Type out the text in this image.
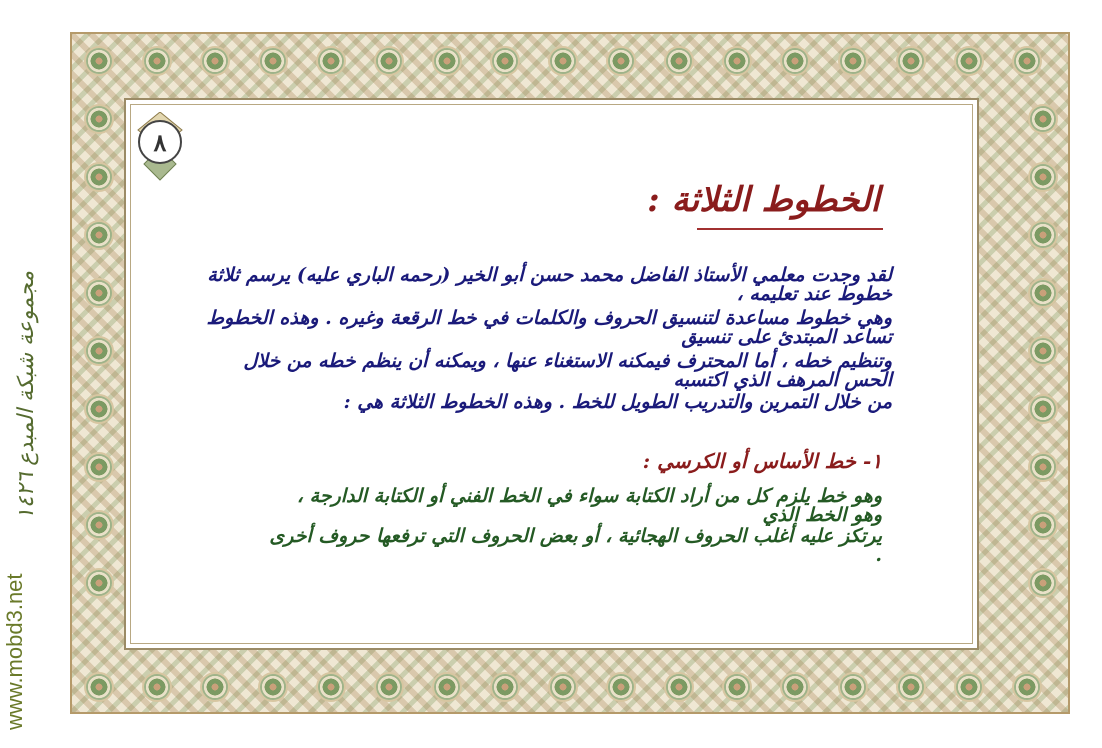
٨
الخطوط الثلاثة :
لقد وجدت معلمي الأستاذ الفاضل محمد حسن أبو الخير (رحمه الباري عليه) يرسم ثلاثة خطوط عند تعليمه ،
وهي خطوط مساعدة لتنسيق الحروف والكلمات في خط الرقعة وغيره . وهذه الخطوط تساعد المبتدئ على تنسيق
وتنظيم خطه ، أما المحترف فيمكنه الاستغناء عنها ، ويمكنه أن ينظم خطه من خلال الحس المرهف الذي اكتسبه
من خلال التمرين والتدريب الطويل للخط . وهذه الخطوط الثلاثة هي :
١- خط الأساس أو الكرسي :
وهو خط يلزم كل من أراد الكتابة سواء في الخط الفني أو الكتابة الدارجة ، وهو الخط الذي
يرتكز عليه أغلب الحروف الهجائية ، أو بعض الحروف التي ترفعها حروف أخرى .
www.mobd3.net
مجموعة شبكة المبدع ١٤٢٦
